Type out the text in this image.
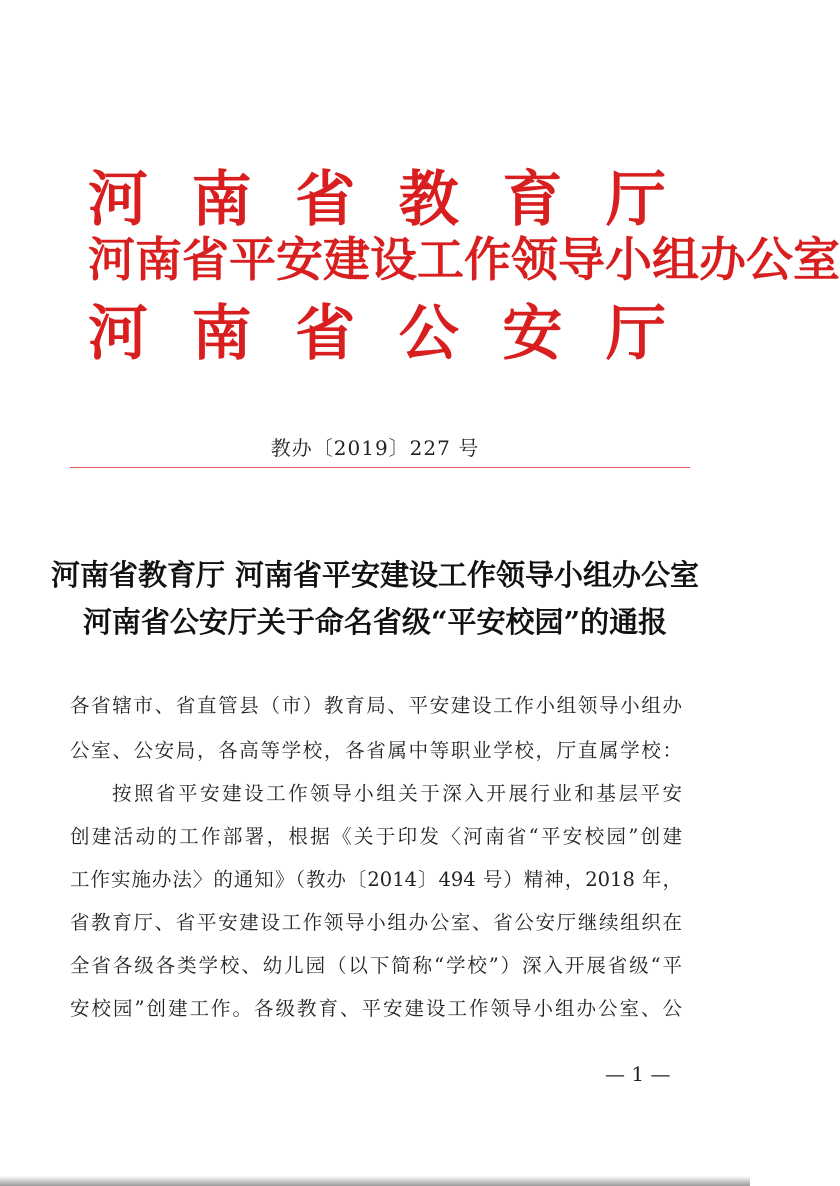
河 南 省 教 育 厅
河南省平安建设工作领导小组办公室
河 南 省 公 安 厅
教办〔2019〕227 号
河南省教育厅 河南省平安建设工作领导小组办公室
河南省公安厅关于命名省级“平安校园”的通报
各省辖市、省直管县（市）教育局、平安建设工作小组领导小组办
公室、公安局，各高等学校，各省属中等职业学校，厅直属学校：
按照省平安建设工作领导小组关于深入开展行业和基层平安
创建活动的工作部署，根据《关于印发〈河南省“平安校园”创建
工作实施办法〉的通知》（教办〔2014〕494 号）精神，2018 年，
省教育厅、省平安建设工作领导小组办公室、省公安厅继续组织在
全省各级各类学校、幼儿园（以下简称“学校”）深入开展省级“平
安校园”创建工作。各级教育、平安建设工作领导小组办公室、公
— 1 —
